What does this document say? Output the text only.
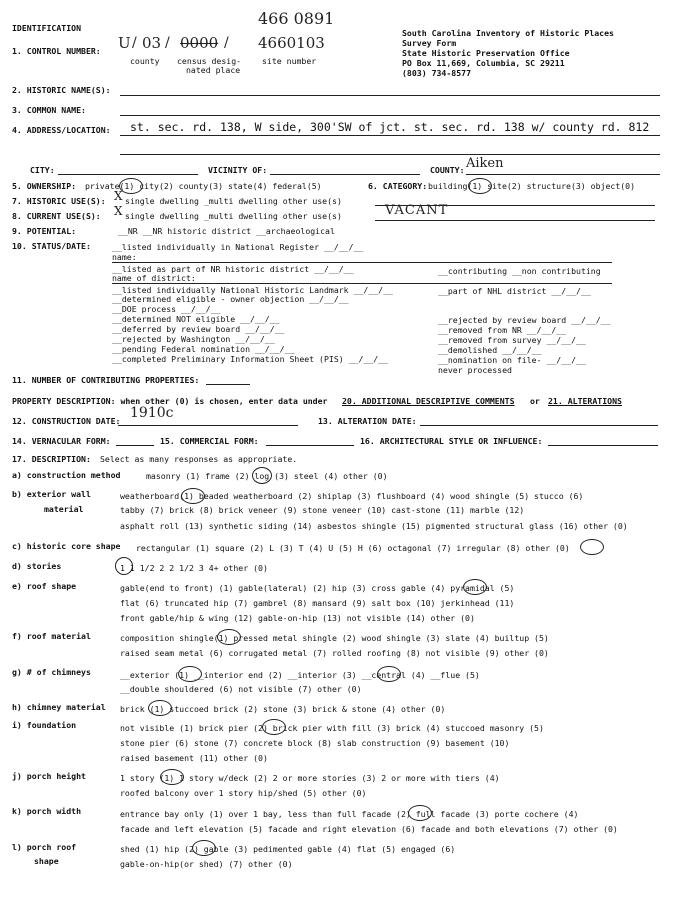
IDENTIFICATION	South Carolina Inventory of Historic Places
Survey Form
State Historic Preservation Office
PO Box 11,669, Columbia, SC 29211
(803) 734-8577
466 0891
1. CONTROL NUMBER: U / 03 / 0000 / 4660103
county census desig-
nated place
site number
2. HISTORIC NAME(S):
3. COMMON NAME:
4. ADDRESS/LOCATION: st. sec. rd. 138, W side, 300'SW of jct. st. sec. rd. 138 w/ county rd. 812
CITY:	VICINITY OF:	COUNTY: Aiken
5. OWNERSHIP: private(1) city(2) county(3) state(4) federal(5)	6. CATEGORY: building(1) site(2) structure(3) object(0)
7. HISTORIC USE(S): single dwelling _multi dwelling other use(s)
X
8. CURRENT USE(S):	single dwelling _multi dwelling other use(s)
X	VACANT
9. POTENTIAL:	__NR __NR historic district __archaeological
10. STATUS/DATE:	__listed individually in National Register __/__/__
name:
__listed as part of NR historic district __/__/__
name of district:
__listed individually National Historic Landmark __/__/__
__determined eligible - owner objection __/__/__
__DOE process __/__/__
__determined NOT eligible __/__/__
__deferred by review board __/__/__
__rejected by Washington __/__/__
__pending Federal nomination __/__/__
__completed Preliminary Information Sheet (PIS) __/__/__
__contributing __non contributing
__part of NHL district __/__/__
__rejected by review board __/__/__
__removed from NR __/__/__
__removed from survey __/__/__
__demolished __/__/__
__nomination on file- __/__/__
never processed
11. NUMBER OF CONTRIBUTING PROPERTIES:
PROPERTY DESCRIPTION: when other (0) is chosen, enter data under 20. ADDITIONAL DESCRIPTIVE COMMENTS or 21. ALTERATIONS
12. CONSTRUCTION DATE: 1910c	13. ALTERATION DATE:
14. VERNACULAR FORM:	15. COMMERCIAL FORM:	16. ARCHITECTURAL STYLE OR INFLUENCE:
17. DESCRIPTION: Select as many responses as appropriate.
a) construction method	masonry (1) frame (2) log (3) steel (4) other (0)
b) exterior wall
material
weatherboard(1) beaded weatherboard (2) shiplap (3) flushboard (4) wood shingle (5) stucco (6)
tabby (7) brick (8) brick veneer (9) stone veneer (10) cast-stone (11) marble (12)
asphalt roll (13) synthetic siding (14) asbestos shingle (15) pigmented structural glass (16) other (0)
c) historic core shape rectangular (1) square (2) L (3) T (4) U (5) H (6) octagonal (7) irregular (8) other (0)
d) stories	1 1 1/2 2 2 1/2 3 4+ other (0)
e) roof shape	gable(end to front) (1) gable(lateral) (2) hip (3) cross gable (4) pyramidal (5)
flat (6) truncated hip (7) gambrel (8) mansard (9) salt box (10) jerkinhead (11)
front gable/hip & wing (12) gable-on-hip (13) not visible (14) other (0)
f) roof material	composition shingle(1) pressed metal shingle (2) wood shingle (3) slate (4) builtup (5)
raised seam metal (6) corrugated metal (7) rolled roofing (8) not visible (9) other (0)
g) # of chimneys	__exterior (1) __interior end (2) __interior (3) __central (4) __flue (5)
__double shouldered (6) not visible (7) other (0)
h) chimney material brick (1) stuccoed brick (2) stone (3) brick & stone (4) other (0)
i) foundation	not visible (1) brick pier (2) brick pier with fill (3) brick (4) stuccoed masonry (5)
stone pier (6) stone (7) concrete block (8) slab construction (9) basement (10)
raised basement (11) other (0)
j) porch height	1 story (1) 1 story w/deck (2) 2 or more stories (3) 2 or more with tiers (4)
roofed balcony over 1 story hip/shed (5) other (0)
k) porch width	entrance bay only (1) over 1 bay, less than full facade (2) full facade (3) porte cochere (4)
facade and left elevation (5) facade and right elevation (6) facade and both elevations (7) other (0)
l) porch roof
shape
shed (1) hip (2) gable (3) pedimented gable (4) flat (5) engaged (6)
gable-on-hip(or shed) (7) other (0)
